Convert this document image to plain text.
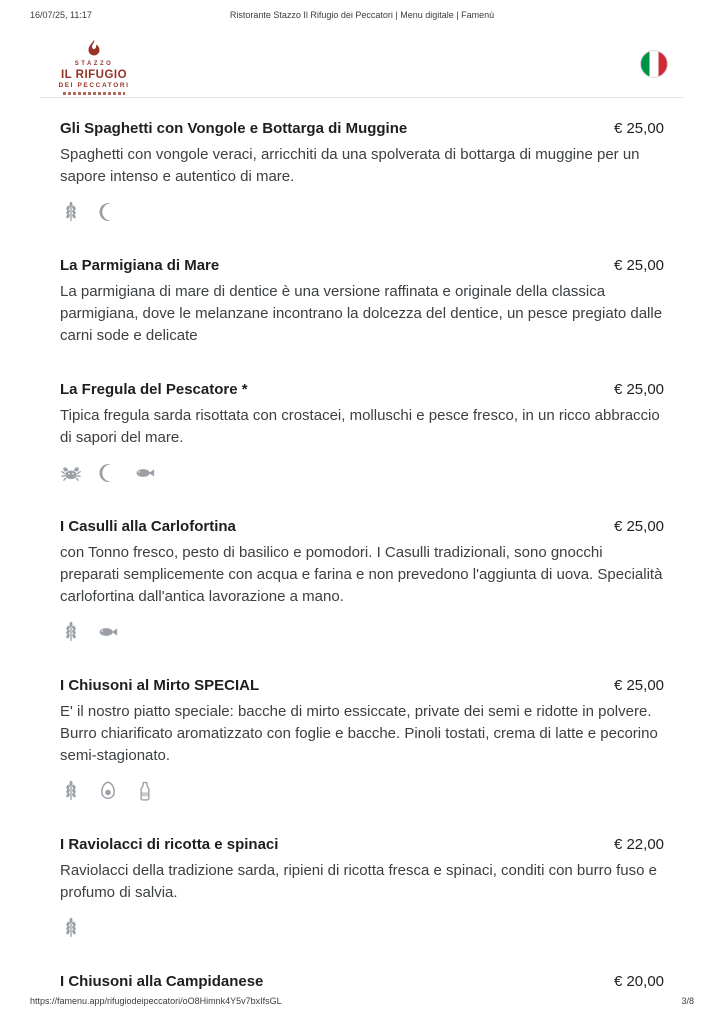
16/07/25, 11:17	Ristorante Stazzo Il Rifugio dei Peccatori | Menu digitale | Famenù
STAZZO
IL RIFUGIO
DEI PECCATORI
Gli Spaghetti con Vongole e Bottarga di Muggine	€ 25,00

Spaghetti con vongole veraci, arricchiti da una spolverata di bottarga di muggine per un sapore intenso e autentico di mare.

La Parmigiana di Mare	€ 25,00

La parmigiana di mare di dentice è una versione raffinata e originale della classica parmigiana, dove le melanzane incontrano la dolcezza del dentice, un pesce pregiato dalle carni sode e delicate

La Fregula del Pescatore *	€ 25,00

Tipica fregula sarda risottata con crostacei, molluschi e pesce fresco, in un ricco abbraccio di sapori del mare.

I Casulli alla Carlofortina	€ 25,00

con Tonno fresco, pesto di basilico e pomodori. I Casulli tradizionali, sono gnocchi preparati semplicemente con acqua e farina e non prevedono l'aggiunta di uova. Specialità carlofortina dall'antica lavorazione a mano.

I Chiusoni al Mirto SPECIAL	€ 25,00

E' il nostro piatto speciale: bacche di mirto essiccate, private dei semi e ridotte in polvere. Burro chiarificato aromatizzato con foglie e bacche. Pinoli tostati, crema di latte e pecorino semi-stagionato.

I Raviolacci di ricotta e spinaci	€ 22,00

Raviolacci della tradizione sarda, ripieni di ricotta fresca e spinaci, conditi con burro fuso e profumo di salvia.

I Chiusoni alla Campidanese	€ 20,00
https://famenu.app/rifugiodeipeccatori/oO8Himnk4Y5v7bxIfsGL	3/8
